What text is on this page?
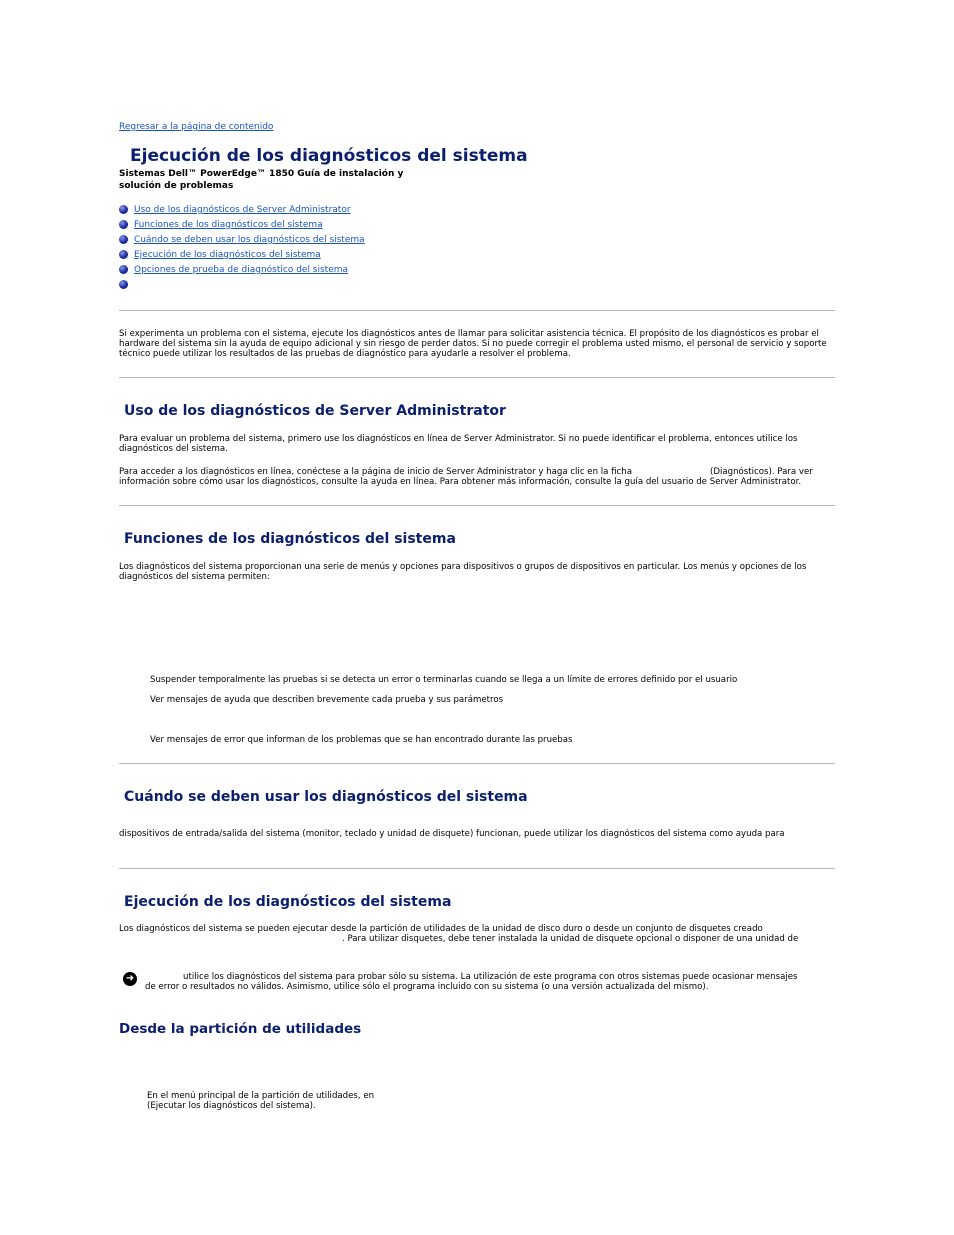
Regresar a la página de contenido
Ejecución de los diagnósticos del sistema
Sistemas Dell™ PowerEdge™ 1850 Guía de instalación y
solución de problemas
Uso de los diagnósticos de Server Administrator
Funciones de los diagnósticos del sistema
Cuándo se deben usar los diagnósticos del sistema
Ejecución de los diagnósticos del sistema
Opciones de prueba de diagnóstico del sistema
Si experimenta un problema con el sistema, ejecute los diagnósticos antes de llamar para solicitar asistencia técnica. El propósito de los diagnósticos es probar el hardware del sistema sin la ayuda de equipo adicional y sin riesgo de perder datos. Si no puede corregir el problema usted mismo, el personal de servicio y soporte técnico puede utilizar los resultados de las pruebas de diagnóstico para ayudarle a resolver el problema.
Uso de los diagnósticos de Server Administrator
Para evaluar un problema del sistema, primero use los diagnósticos en línea de Server Administrator. Si no puede identificar el problema, entonces utilice los diagnósticos del sistema.
Para acceder a los diagnósticos en línea, conéctese a la página de inicio de Server Administrator y haga clic en la ficha	(Diagnósticos). Para ver
información sobre cómo usar los diagnósticos, consulte la ayuda en línea. Para obtener más información, consulte la guía del usuario de Server Administrator.
Funciones de los diagnósticos del sistema
Los diagnósticos del sistema proporcionan una serie de menús y opciones para dispositivos o grupos de dispositivos en particular. Los menús y opciones de los diagnósticos del sistema permiten:
Suspender temporalmente las pruebas si se detecta un error o terminarlas cuando se llega a un límite de errores definido por el usuario
Ver mensajes de ayuda que describen brevemente cada prueba y sus parámetros
Ver mensajes de error que informan de los problemas que se han encontrado durante las pruebas
Cuándo se deben usar los diagnósticos del sistema
dispositivos de entrada/salida del sistema (monitor, teclado y unidad de disquete) funcionan, puede utilizar los diagnósticos del sistema como ayuda para
Ejecución de los diagnósticos del sistema
Los diagnósticos del sistema se pueden ejecutar desde la partición de utilidades de la unidad de disco duro o desde un conjunto de disquetes creado
. Para utilizar disquetes, debe tener instalada la unidad de disquete opcional o disponer de una unidad de
➜	utilice los diagnósticos del sistema para probar sólo su sistema. La utilización de este programa con otros sistemas puede ocasionar mensajes
de error o resultados no válidos. Asimismo, utilice sólo el programa incluido con su sistema (o una versión actualizada del mismo).
Desde la partición de utilidades
En el menú principal de la partición de utilidades, en
(Ejecutar los diagnósticos del sistema).
